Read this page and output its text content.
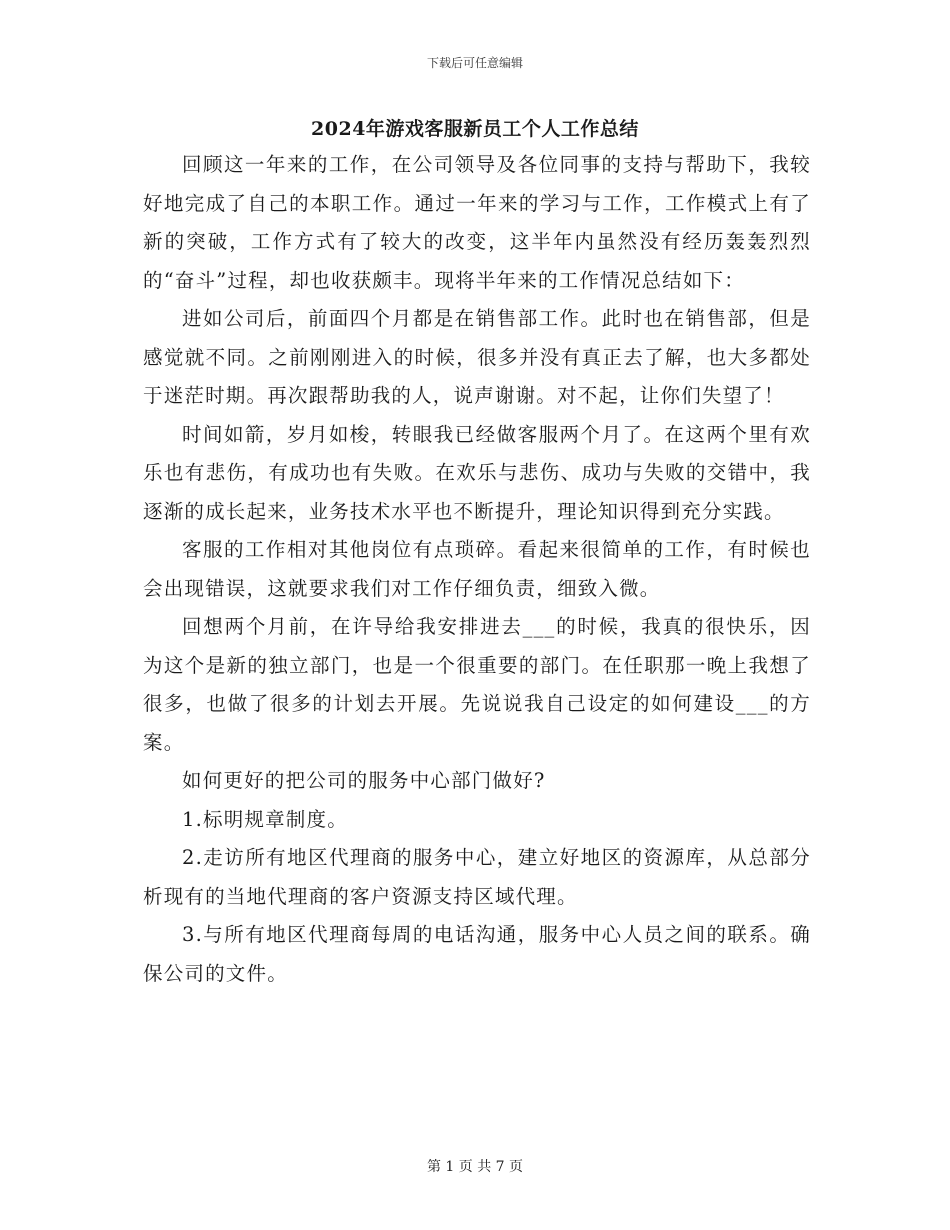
下载后可任意编辑
2024年游戏客服新员工个人工作总结

回顾这一年来的工作，在公司领导及各位同事的支持与帮助下，我较好地完成了自己的本职工作。通过一年来的学习与工作，工作模式上有了新的突破，工作方式有了较大的改变，这半年内虽然没有经历轰轰烈烈的“奋斗”过程，却也收获颇丰。现将半年来的工作情况总结如下：

进如公司后，前面四个月都是在销售部工作。此时也在销售部，但是感觉就不同。之前刚刚进入的时候，很多并没有真正去了解，也大多都处于迷茫时期。再次跟帮助我的人，说声谢谢。对不起，让你们失望了！

时间如箭，岁月如梭，转眼我已经做客服两个月了。在这两个里有欢乐也有悲伤，有成功也有失败。在欢乐与悲伤、成功与失败的交错中，我逐渐的成长起来，业务技术水平也不断提升，理论知识得到充分实践。

客服的工作相对其他岗位有点琐碎。看起来很简单的工作，有时候也会出现错误，这就要求我们对工作仔细负责，细致入微。

回想两个月前，在许导给我安排进去___的时候，我真的很快乐，因为这个是新的独立部门，也是一个很重要的部门。在任职那一晚上我想了很多，也做了很多的计划去开展。先说说我自己设定的如何建设___的方案。

如何更好的把公司的服务中心部门做好?

1.标明规章制度。

2.走访所有地区代理商的服务中心，建立好地区的资源库，从总部分析现有的当地代理商的客户资源支持区域代理。

3.与所有地区代理商每周的电话沟通，服务中心人员之间的联系。确保公司的文件。

第 1 页 共 7 页
